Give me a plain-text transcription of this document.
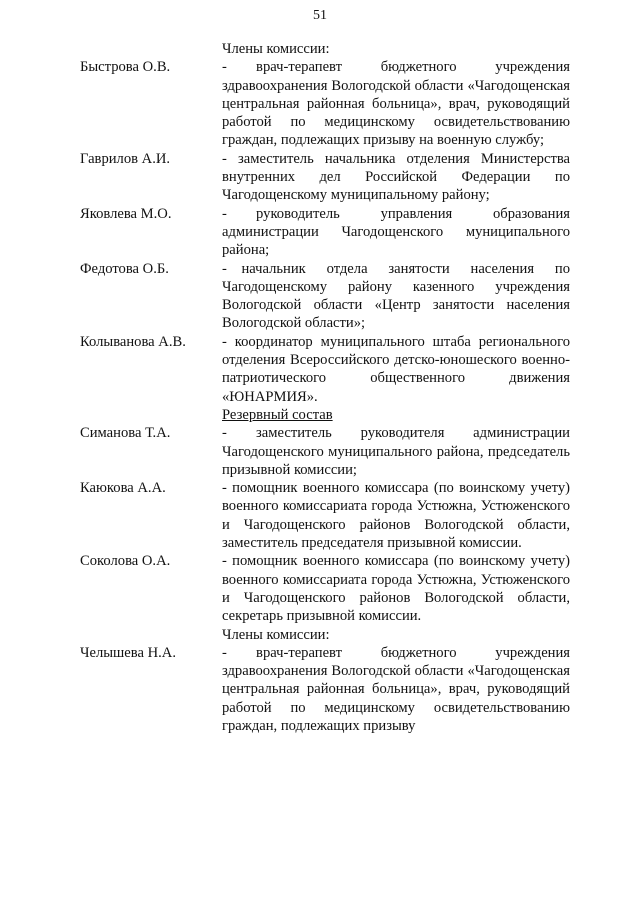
51
Члены комиссии:
Быстрова О.В.	-  врач-терапевт бюджетного учреждения здравоохранения Вологодской области «Чагодощенская центральная районная больница», врач, руководящий работой по медицинскому освидетельствованию граждан, подлежащих призыву на военную службу;
Гаврилов А.И.	- заместитель начальника отделения Министерства внутренних дел Российской Федерации по Чагодощенскому муниципальному району;
Яковлева М.О.	-  руководитель управления образования администрации Чагодощенского муниципального района;
Федотова О.Б.	- начальник отдела занятости населения по Чагодощенскому району казенного учреждения Вологодской области «Центр занятости населения Вологодской области»;
Колыванова А.В.	- координатор муниципального штаба регионального отделения Всероссийского детско-юношеского военно-патриотического общественного движения «ЮНАРМИЯ».
Резервный состав
Симанова Т.А.	-  заместитель руководителя администрации Чагодощенского муниципального района, председатель призывной комиссии;
Каюкова А.А.	- помощник военного комиссара (по воинскому учету) военного комиссариата города Устюжна, Устюженского и Чагодощенского районов Вологодской области, заместитель председателя призывной комиссии.
Соколова О.А.	- помощник военного комиссара (по воинскому учету) военного комиссариата города Устюжна, Устюженского и Чагодощенского районов Вологодской области, секретарь призывной комиссии.
Члены комиссии:
Челышева Н.А.	-  врач-терапевт бюджетного учреждения здравоохранения Вологодской области «Чагодощенская центральная районная больница», врач, руководящий работой по медицинскому освидетельствованию граждан, подлежащих призыву
